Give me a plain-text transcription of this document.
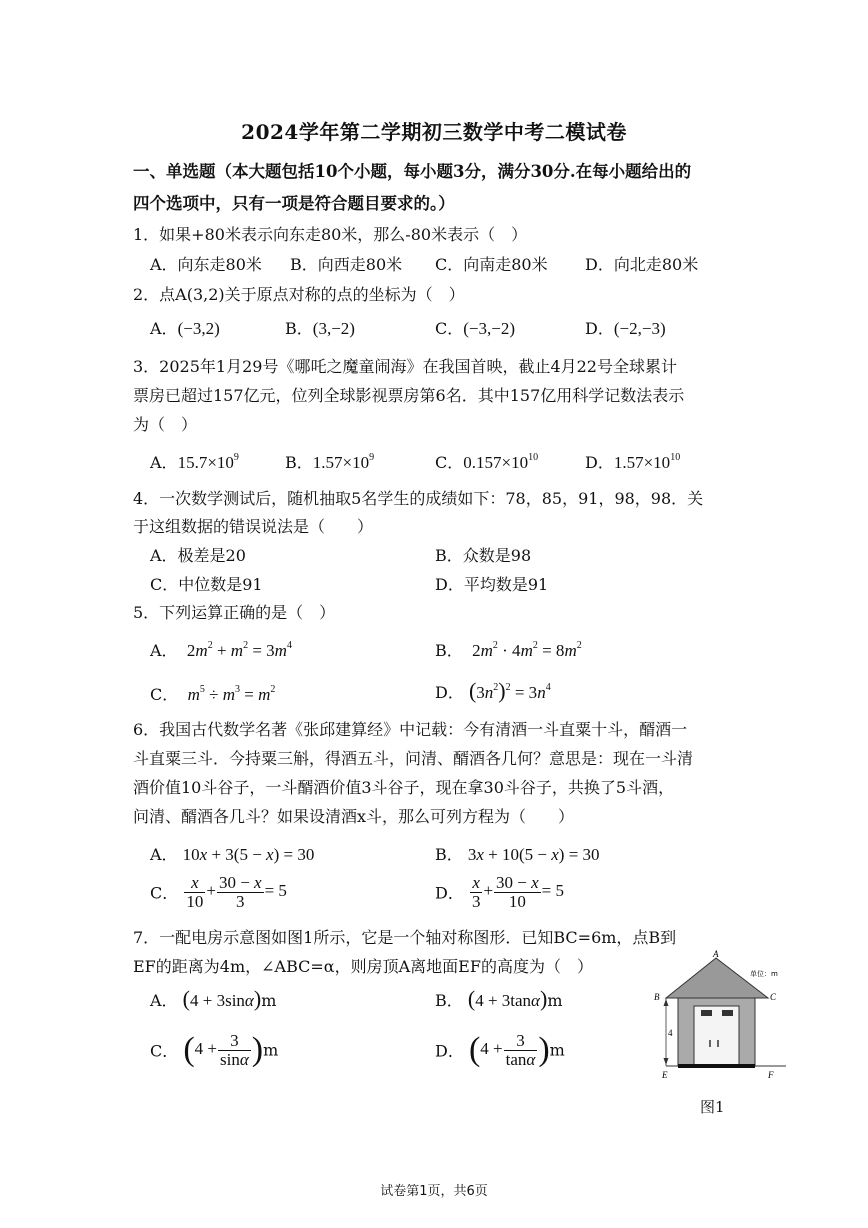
2024学年第二学期初三数学中考二模试卷
一、单选题（本大题包括10个小题，每小题3分，满分30分.在每小题给出的
四个选项中，只有一项是符合题目要求的。）
1．如果+80米表示向东走80米，那么-80米表示（　）
A．向东走80米 B．向西走80米 C．向南走80米 D．向北走80米
2．点A(3,2)关于原点对称的点的坐标为（　）
A．(−3,2)	B．(3,−2)	C．(−3,−2)	D．(−2,−3)
3．2025年1月29号《哪吒之魔童闹海》在我国首映，截止4月22号全球累计
票房已超过157亿元，位列全球影视票房第6名．其中157亿用科学记数法表示
为（　）
A．$15.7\times 10^9$	B．$1.57\times 10^9$	C．$0.157\times 10^{10}$	D．$1.57\times 10^{10}$
4．一次数学测试后，随机抽取5名学生的成绩如下：78，85，91，98，98．关
于这组数据的错误说法是（　　）
A．极差是20	B．众数是98
C．中位数是91	D．平均数是91
5．下列运算正确的是（　）
A．  $2m^2 + m^2 = 3m^4$	B．  $2m^2 \cdot 4m^2 = 8m^2$
C． $m^5 \div m^3 = m^2$	D． $(3n^2)^2 = 3n^4$
6．我国古代数学名著《张邱建算经》中记载：今有清酒一斗直粟十斗，醑酒一
斗直粟三斗．今持粟三斛，得酒五斗，问清、醑酒各几何？意思是：现在一斗清
酒价值10斗谷子，一斗醑酒价值3斗谷子，现在拿30斗谷子，共换了5斗酒，
问清、醑酒各几斗？如果设清酒x斗，那么可列方程为（　　）
A． 10x + 3(5 − x) = 30	B． 3x + 10(5 − x) = 30
C． $\frac{x}{10} + \frac{30 - x}{3} = 5$	D． $\frac{x}{3} + \frac{30 - x}{10} = 5$
7．一配电房示意图如图1所示，它是一个轴对称图形．已知BC=6m，点B到
EF的距离为4m，∠ABC=α，则房顶A离地面EF的高度为（　）
A． (4 + 3sinα)m	B． (4 + 3tanα)m
C． $(4 + \frac{3}{\sin\alpha} )m$	D． $(4 + \frac{3}{\tan\alpha} )m$
4
A
B	C
E	F
单位：m
图1
试卷第1页，共6页
